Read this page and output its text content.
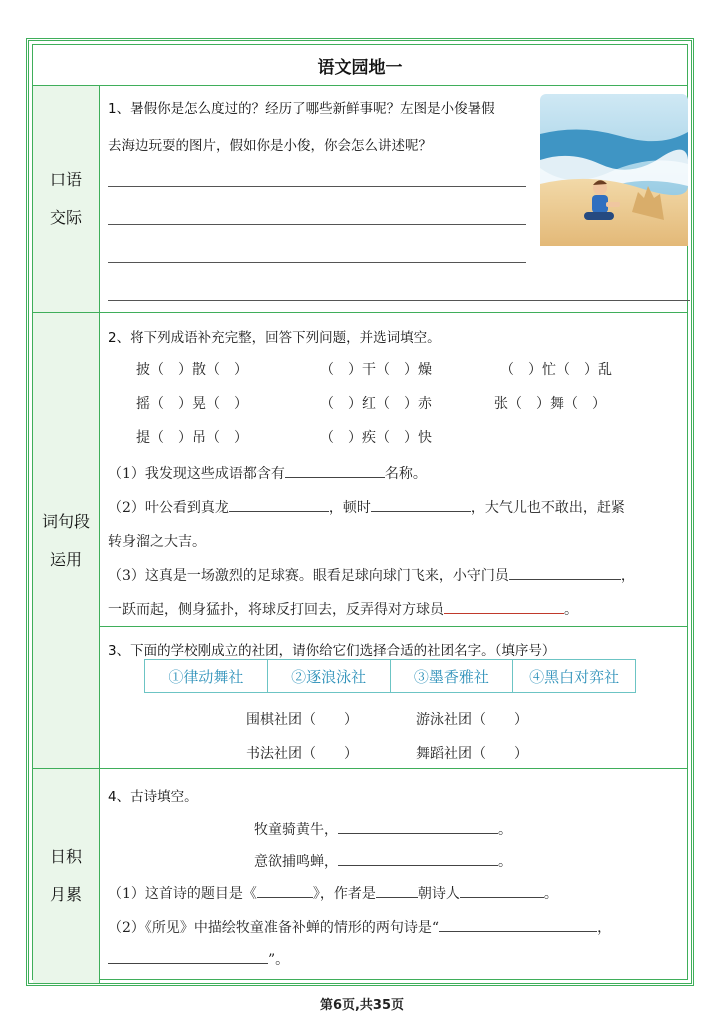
语文园地一
口语
交际
1、暑假你是怎么度过的？经历了哪些新鲜事呢？左图是小俊暑假
去海边玩耍的图片，假如你是小俊，你会怎么讲述呢？
词句段
运用
2、将下列成语补充完整，回答下列问题，并选词填空。
披（　）散（　）	（　）干（　）燥	（　）忙（　）乱
摇（　）晃（　）	（　）红（　）赤	张（　）舞（　）
提（　）吊（　）	（　）疾（　）快
（1）我发现这些成语都含有	名称。
（2）叶公看到真龙	，顿时	，大气儿也不敢出，赶紧
转身溜之大吉。
（3）这真是一场激烈的足球赛。眼看足球向球门飞来，小守门员	，
一跃而起，侧身猛扑，将球反打回去，反弄得对方球员	。
3、下面的学校刚成立的社团，请你给它们选择合适的社团名字。（填序号）
①律动舞社	②逐浪泳社	③墨香雅社	④黑白对弈社
围棋社团（　　）	游泳社团（　　）
书法社团（　　）	舞蹈社团（　　）
日积
月累
4、古诗填空。
牧童骑黄牛，	。
意欲捕鸣蝉，	。
（1）这首诗的题目是《	》，作者是	朝诗人	。
（2）《所见》中描绘牧童准备补蝉的情形的两句诗是“	，
”。
第6页,共35页
